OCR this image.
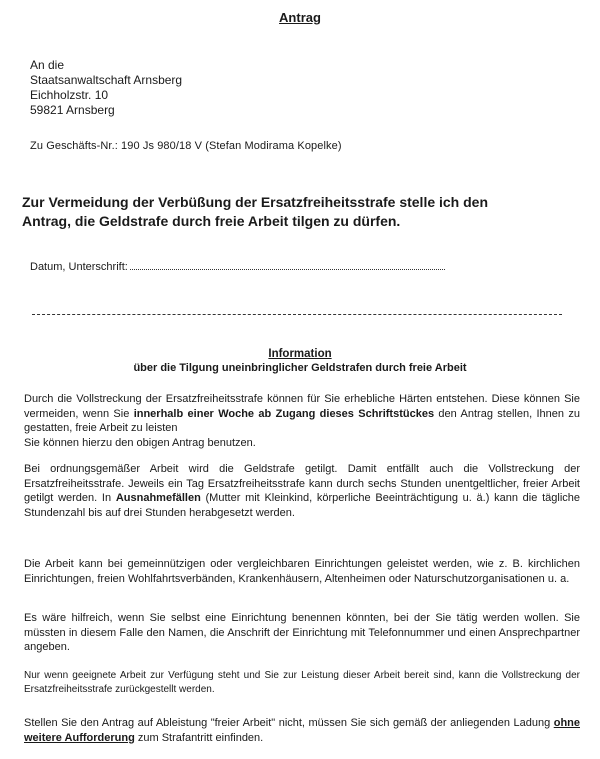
Antrag
An die
Staatsanwaltschaft Arnsberg
Eichholzstr. 10
59821 Arnsberg
Zu Geschäfts-Nr.: 190 Js 980/18 V (Stefan Modirama Kopelke)
Zur Vermeidung der Verbüßung der Ersatzfreiheitsstrafe stelle ich den
Antrag, die Geldstrafe durch freie Arbeit tilgen zu dürfen.
Datum, Unterschrift:
Information
über die Tilgung uneinbringlicher Geldstrafen durch freie Arbeit
Durch die Vollstreckung der Ersatzfreiheitsstrafe können für Sie erhebliche Härten entstehen. Diese können Sie vermeiden, wenn Sie innerhalb einer Woche ab Zugang dieses Schriftstückes den Antrag stellen, Ihnen zu gestatten, freie Arbeit zu leisten
Sie können hierzu den obigen Antrag benutzen.
Bei ordnungsgemäßer Arbeit wird die Geldstrafe getilgt. Damit entfällt auch die Vollstreckung der Ersatzfreiheitsstrafe. Jeweils ein Tag Ersatzfreiheitsstrafe kann durch sechs Stunden unentgeltlicher, freier Arbeit getilgt werden. In Ausnahmefällen (Mutter mit Kleinkind, körperliche Beeinträchtigung u. ä.) kann die tägliche Stundenzahl bis auf drei Stunden herabgesetzt werden.
Die Arbeit kann bei gemeinnützigen oder vergleichbaren Einrichtungen geleistet werden, wie z. B. kirchlichen Einrichtungen, freien Wohlfahrtsverbänden, Krankenhäusern, Altenheimen oder Naturschutzorganisationen u. a.
Es wäre hilfreich, wenn Sie selbst eine Einrichtung benennen könnten, bei der Sie tätig werden wollen. Sie müssten in diesem Falle den Namen, die Anschrift der Einrichtung mit Telefonnummer und einen Ansprechpartner angeben.
Nur wenn geeignete Arbeit zur Verfügung steht und Sie zur Leistung dieser Arbeit bereit sind, kann die Vollstreckung der Ersatzfreiheitsstrafe zurückgestellt werden.
Stellen Sie den Antrag auf Ableistung "freier Arbeit" nicht, müssen Sie sich gemäß der anliegenden Ladung ohne weitere Aufforderung zum Strafantritt einfinden.
